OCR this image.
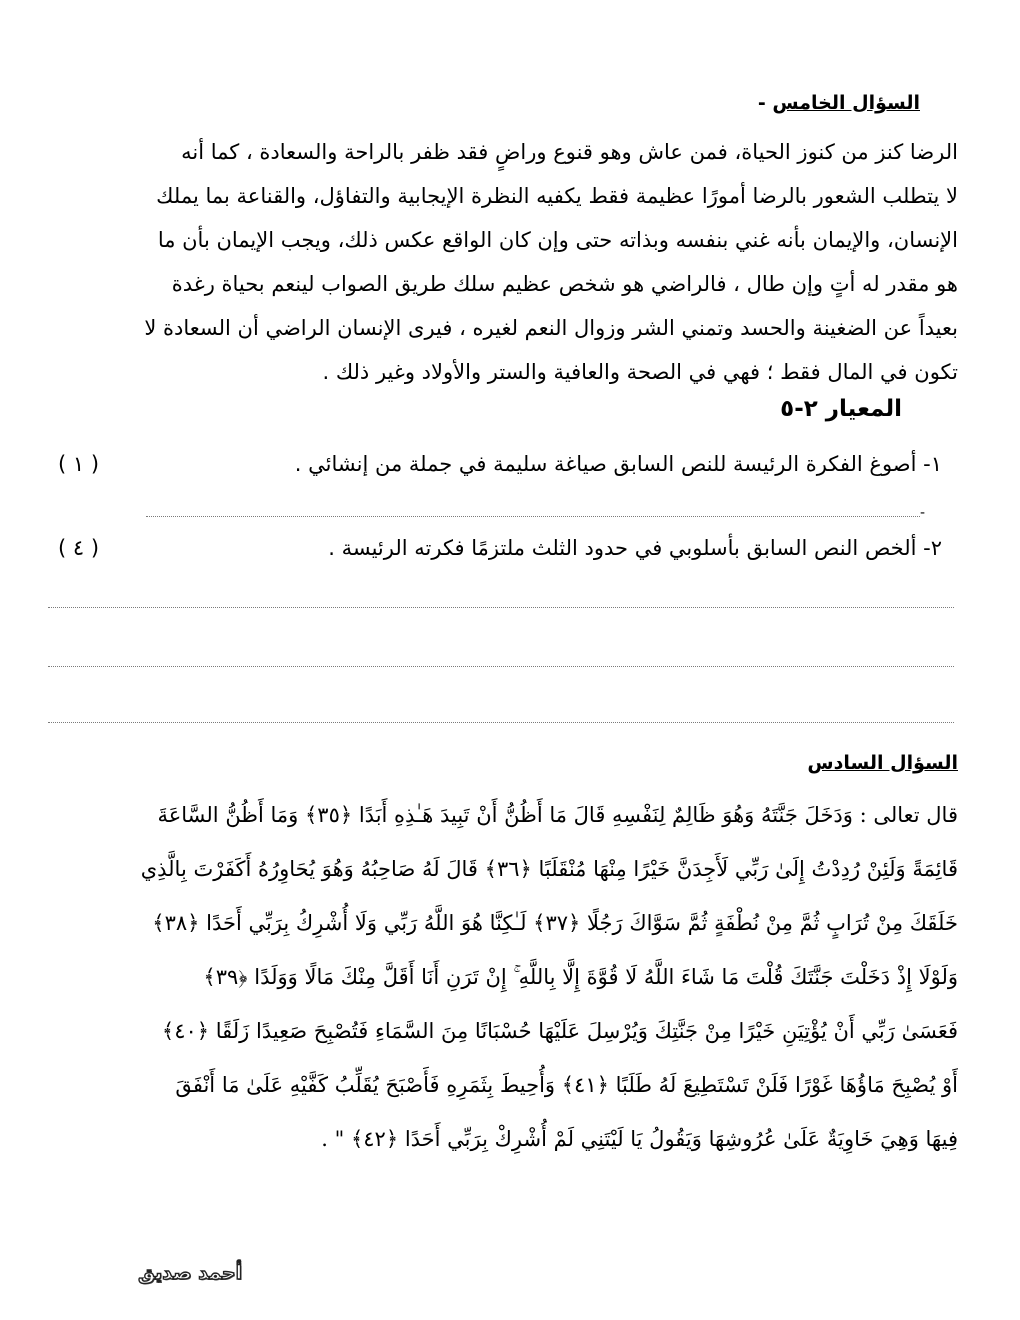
السؤال الخامس -

الرضا كنز من كنوز الحياة، فمن عاش وهو قنوع وراضٍ فقد ظفر بالراحة والسعادة ، كما أنه

لا يتطلب الشعور بالرضا أمورًا عظيمة فقط يكفيه النظرة الإيجابية والتفاؤل، والقناعة بما يملك

الإنسان، والإيمان بأنه غني بنفسه وبذاته حتى وإن كان الواقع عكس ذلك، ويجب الإيمان بأن ما

هو مقدر له أتٍ وإن طال ، فالراضي هو شخص عظيم سلك طريق الصواب لينعم بحياة رغدة

بعيداً عن الضغينة والحسد وتمني الشر وزوال النعم لغيره ، فيرى الإنسان الراضي أن السعادة لا

تكون في المال فقط ؛ فهي في الصحة والعافية والستر والأولاد وغير ذلك .

المعيار ٢-٥
١- أصوغ الفكرة الرئيسة للنص السابق صياغة سليمة في جملة من إنشائي .
( ١ )
-
٢- ألخص النص السابق بأسلوبي في حدود الثلث ملتزمًا فكرته الرئيسة .
( ٤ )
السؤال السادس

قال تعالى : وَدَخَلَ جَنَّتَهُ وَهُوَ ظَالِمٌ لِنَفْسِهِ قَالَ مَا أَظُنُّ أَنْ تَبِيدَ هَـٰذِهِ أَبَدًا ﴿٣٥﴾ وَمَا أَظُنُّ السَّاعَةَ

قَائِمَةً وَلَئِنْ رُدِدْتُ إِلَىٰ رَبِّي لَأَجِدَنَّ خَيْرًا مِنْهَا مُنْقَلَبًا ﴿٣٦﴾ قَالَ لَهُ صَاحِبُهُ وَهُوَ يُحَاوِرُهُ أَكَفَرْتَ بِالَّذِي

خَلَقَكَ مِنْ تُرَابٍ ثُمَّ مِنْ نُطْفَةٍ ثُمَّ سَوَّاكَ رَجُلًا ﴿٣٧﴾ لَـٰكِنَّا هُوَ اللَّهُ رَبِّي وَلَا أُشْرِكُ بِرَبِّي أَحَدًا ﴿٣٨﴾

وَلَوْلَا إِذْ دَخَلْتَ جَنَّتَكَ قُلْتَ مَا شَاءَ اللَّهُ لَا قُوَّةَ إِلَّا بِاللَّهِ ۚ إِنْ تَرَنِ أَنَا أَقَلَّ مِنْكَ مَالًا وَوَلَدًا ﴿٣٩﴾

فَعَسَىٰ رَبِّي أَنْ يُؤْتِيَنِ خَيْرًا مِنْ جَنَّتِكَ وَيُرْسِلَ عَلَيْهَا حُسْبَانًا مِنَ السَّمَاءِ فَتُصْبِحَ صَعِيدًا زَلَقًا ﴿٤٠﴾

أَوْ يُصْبِحَ مَاؤُهَا غَوْرًا فَلَنْ تَسْتَطِيعَ لَهُ طَلَبًا ﴿٤١﴾ وَأُحِيطَ بِثَمَرِهِ فَأَصْبَحَ يُقَلِّبُ كَفَّيْهِ عَلَىٰ مَا أَنْفَقَ

فِيهَا وَهِيَ خَاوِيَةٌ عَلَىٰ عُرُوشِهَا وَيَقُولُ يَا لَيْتَنِي لَمْ أُشْرِكْ بِرَبِّي أَحَدًا ﴿٤٢﴾ " .

أحمد صديق
